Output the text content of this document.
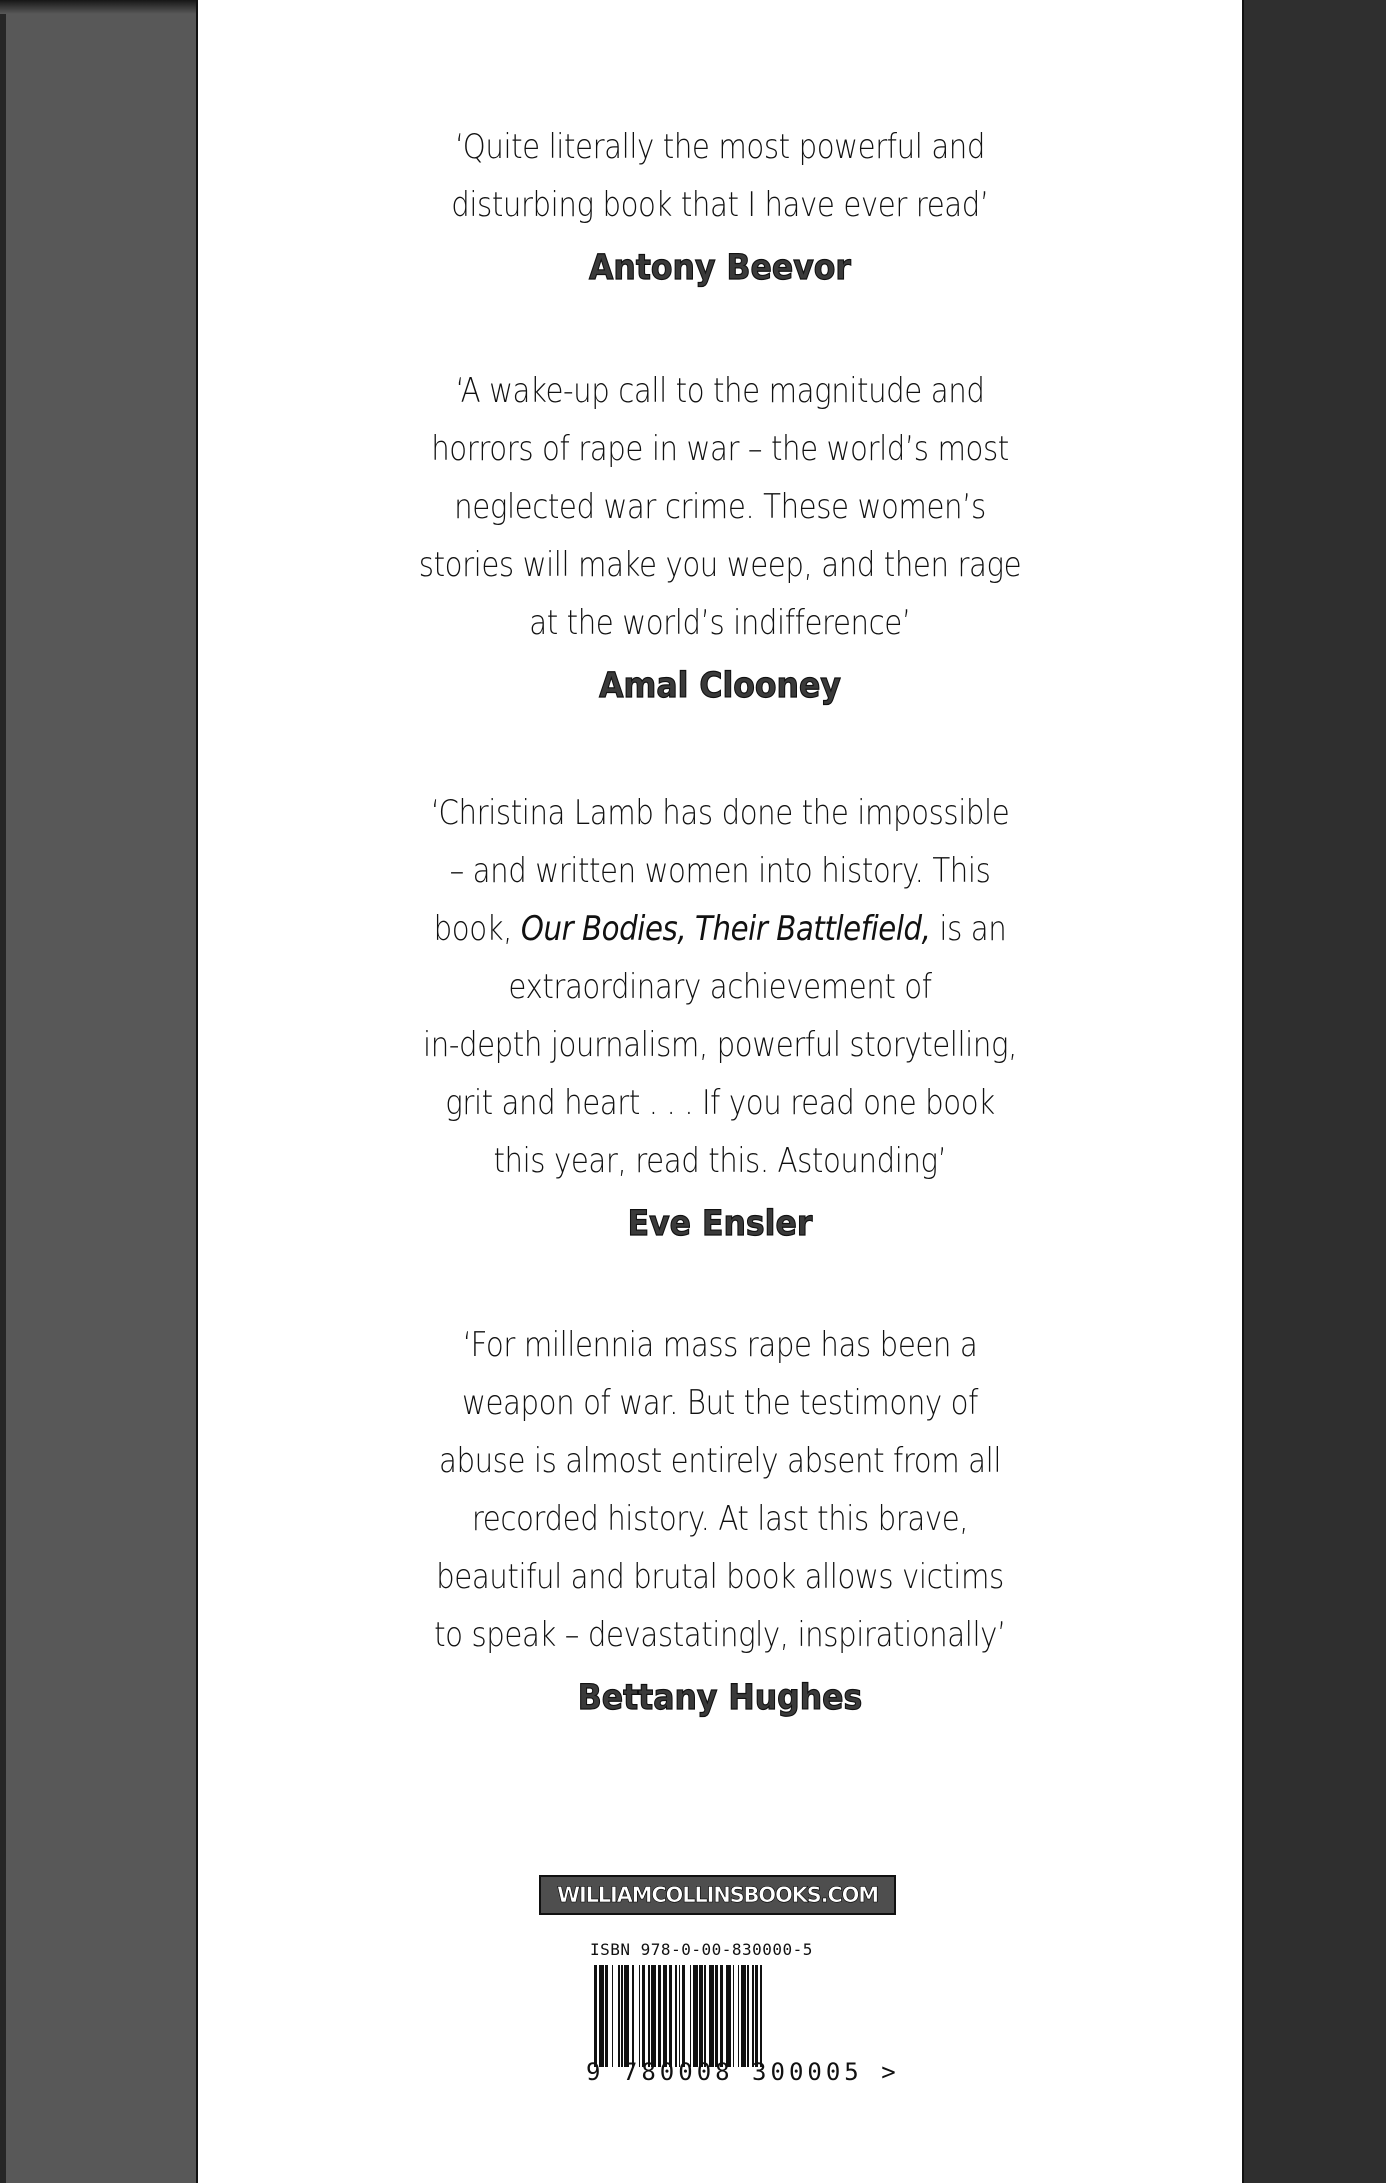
‘Quite literally the most powerful and
disturbing book that I have ever read’

Antony Beevor

‘A wake-up call to the magnitude and
horrors of rape in war – the world’s most
neglected war crime. These women’s
stories will make you weep, and then rage
at the world’s indifference’

Amal Clooney

‘Christina Lamb has done the impossible
– and written women into history. This
book, Our Bodies, Their Battlefield, is an
extraordinary achievement of
in-depth journalism, powerful storytelling,
grit and heart . . . If you read one book
this year, read this. Astounding’

Eve Ensler

‘For millennia mass rape has been a
weapon of war. But the testimony of
abuse is almost entirely absent from all
recorded history. At last this brave,
beautiful and brutal book allows victims
to speak – devastatingly, inspirationally’

Bettany Hughes
WILLIAMCOLLINSBOOKS.COM
ISBN 978-0-00-830000-5
9 780008 300005 >
